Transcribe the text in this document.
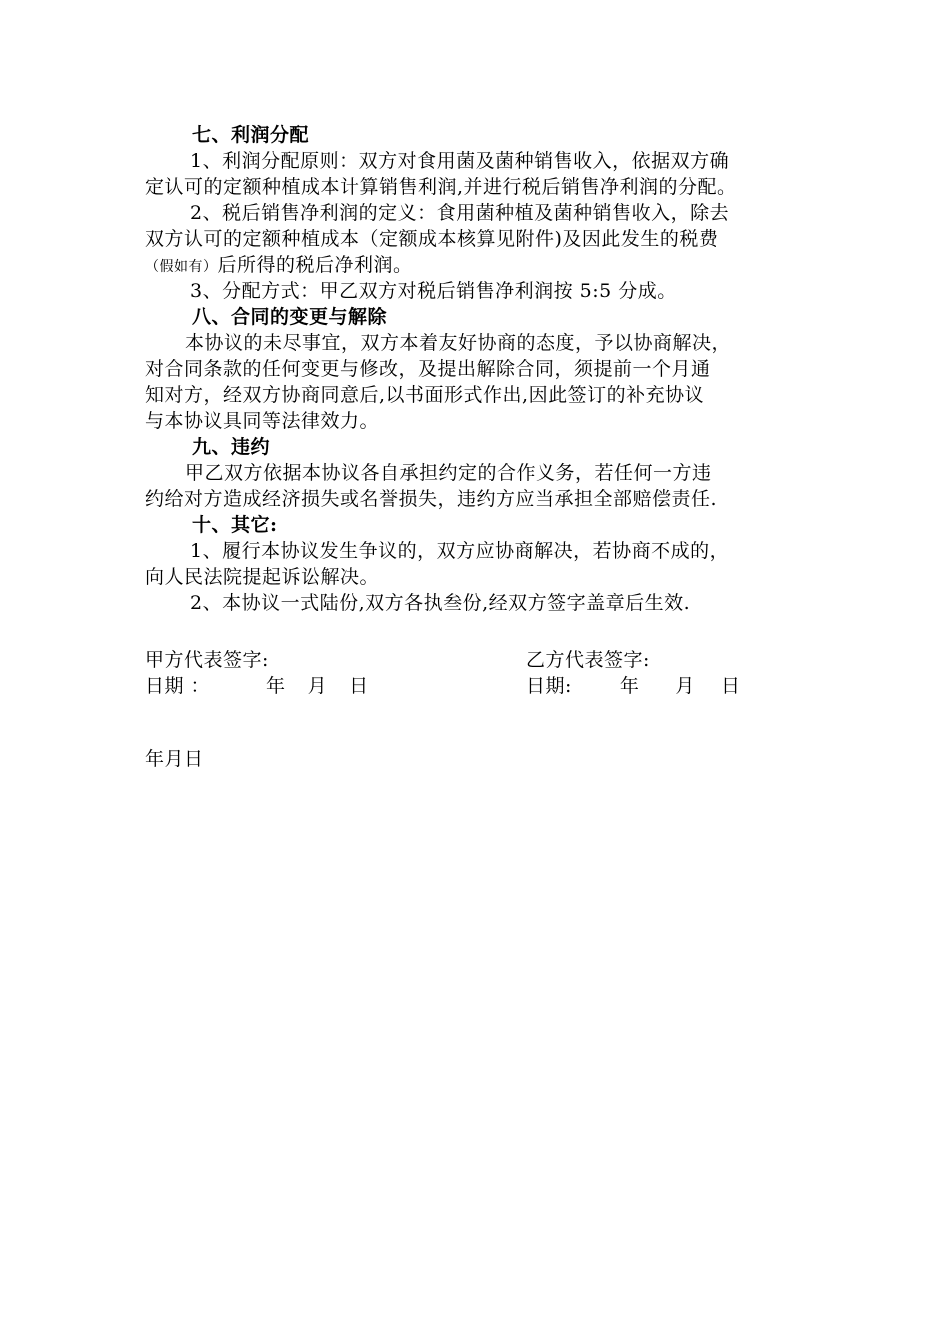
七、利润分配
1、利润分配原则：双方对食用菌及菌种销售收入，依据双方确
定认可的定额种植成本计算销售利润,并进行税后销售净利润的分配。
2、税后销售净利润的定义：食用菌种植及菌种销售收入，除去
双方认可的定额种植成本（定额成本核算见附件)及因此发生的税费
（假如有）后所得的税后净利润。
3、分配方式：甲乙双方对税后销售净利润按 5:5 分成。
八、合同的变更与解除
本协议的未尽事宜，双方本着友好协商的态度，予以协商解决，
对合同条款的任何变更与修改，及提出解除合同，须提前一个月通
知对方，经双方协商同意后,以书面形式作出,因此签订的补充协议
与本协议具同等法律效力。
九、违约
甲乙双方依据本协议各自承担约定的合作义务，若任何一方违
约给对方造成经济损失或名誉损失，违约方应当承担全部赔偿责任.
十、其它:
1、履行本协议发生争议的，双方应协商解决，若协商不成的，
向人民法院提起诉讼解决。
2、本协议一式陆份,双方各执叁份,经双方签字盖章后生效.
甲方代表签字:	乙方代表签字:
日期 ：	年 月 日	日期:	年 月 日
年月日
